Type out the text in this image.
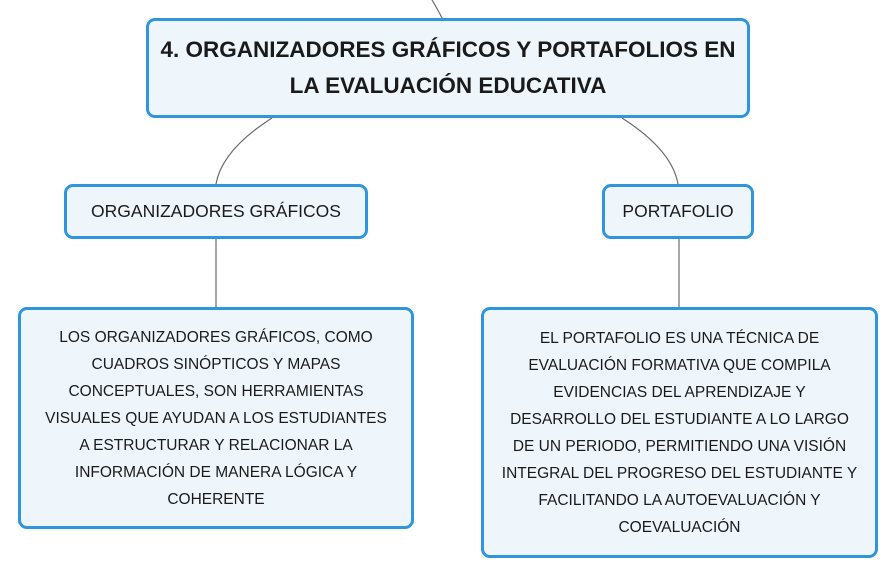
4. ORGANIZADORES GRÁFICOS Y PORTAFOLIOS EN
LA EVALUACIÓN EDUCATIVA
ORGANIZADORES GRÁFICOS	PORTAFOLIO
LOS ORGANIZADORES GRÁFICOS, COMO
CUADROS SINÓPTICOS Y MAPAS
CONCEPTUALES, SON HERRAMIENTAS
VISUALES QUE AYUDAN A LOS ESTUDIANTES
A ESTRUCTURAR Y RELACIONAR LA
INFORMACIÓN DE MANERA LÓGICA Y
COHERENTE
EL PORTAFOLIO ES UNA TÉCNICA DE
EVALUACIÓN FORMATIVA QUE COMPILA
EVIDENCIAS DEL APRENDIZAJE Y
DESARROLLO DEL ESTUDIANTE A LO LARGO
DE UN PERIODO, PERMITIENDO UNA VISIÓN
INTEGRAL DEL PROGRESO DEL ESTUDIANTE Y
FACILITANDO LA AUTOEVALUACIÓN Y
COEVALUACIÓN
